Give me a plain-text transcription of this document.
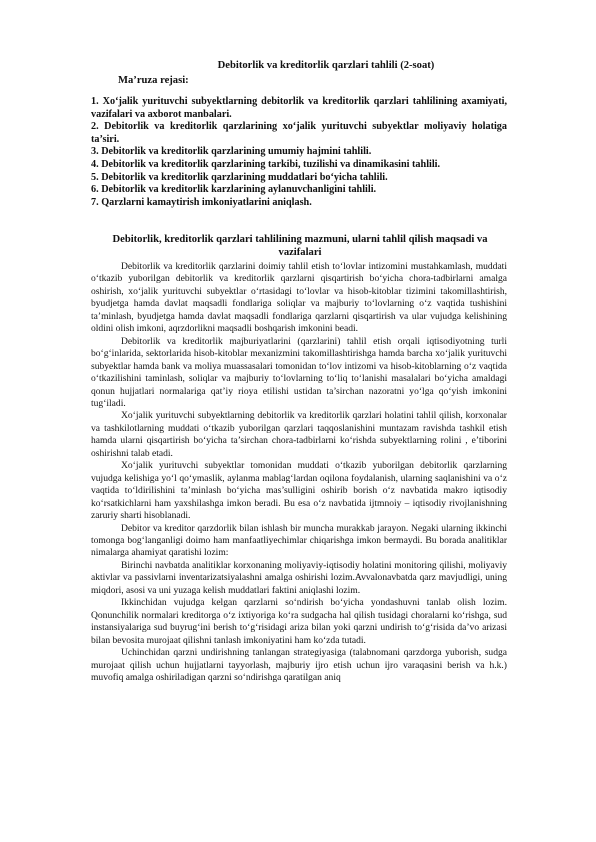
Debitorlik va kreditorlik qarzlari tahlili (2-soat)
Ma’ruza rejasi:
1. Xo‘jalik yurituvchi subyektlarning debitorlik va kreditorlik qarzlari tahlilining axamiyati, vazifalari va axborot manbalari.
2. Debitorlik va kreditorlik qarzlarining xo‘jalik yurituvchi subyektlar moliyaviy holatiga ta’siri.
3. Debitorlik va kreditorlik qarzlarining umumiy hajmini tahlili.
4. Debitorlik va kreditorlik qarzlarining tarkibi, tuzilishi va dinamikasini tahlili.
5. Debitorlik va kreditorlik qarzlarining muddatlari bo‘yicha tahlili.
6. Debitorlik va kreditorlik karzlarining aylanuvchanligini tahlili.
7. Qarzlarni kamaytirish imkoniyatlarini aniqlash.
Debitorlik, kreditorlik qarzlari tahlilining mazmuni, ularni tahlil qilish maqsadi va vazifalari

Debitorlik va kreditorlik qarzlarini doimiy tahlil etish to‘lovlar intizomini mustahkamlash, muddati o‘tkazib yuborilgan debitorlik va kreditorlik qarzlarni qisqartirish bo‘yicha chora-tadbirlarni amalga oshirish, xo‘jalik yurituvchi subyektlar o‘rtasidagi to‘lovlar va hisob-kitoblar tizimini takomillashtirish, byudjetga hamda davlat maqsadli fondlariga soliqlar va majburiy to‘lovlarning o‘z vaqtida tushishini ta’minlash, byudjetga hamda davlat maqsadli fondlariga qarzlarni qisqartirish va ular vujudga kelishining oldini olish imkoni, aqrzdorlikni maqsadli boshqarish imkonini beadi.

Debitorlik va kreditorlik majburiyatlarini (qarzlarini) tahlil etish orqali iqtisodiyotning turli bo‘g‘inlarida, sektorlarida hisob-kitoblar mexanizmini takomillashtirishga hamda barcha xo‘jalik yurituvchi subyektlar hamda bank va moliya muassasalari tomonidan to‘lov intizomi va hisob-kitoblarning o‘z vaqtida o‘tkazilishini taminlash, soliqlar va majburiy to‘lovlarning to‘liq to‘lanishi masalalari bo‘yicha amaldagi qonun hujjatlari normalariga qat’iy rioya etilishi ustidan ta’sirchan nazoratni yo‘lga qo‘yish imkonini tug‘iladi.

Xo‘jalik yurituvchi subyektlarning debitorlik va kreditorlik qarzlari holatini tahlil qilish, korxonalar va tashkilotlarning muddati o‘tkazib yuborilgan qarzlari taqqoslanishini muntazam ravishda tashkil etish hamda ularni qisqartirish bo‘yicha ta’sirchan chora-tadbirlarni ko‘rishda subyektlarning rolini , e’tiborini oshirishni talab etadi.

Xo‘jalik yurituvchi subyektlar tomonidan muddati o‘tkazib yuborilgan debitorlik qarzlarning vujudga kelishiga yo‘l qo‘ymaslik, aylanma mablag‘lardan oqilona foydalanish, ularning saqlanishini va o‘z vaqtida to‘ldirilishini ta’minlash bo‘yicha mas’sulligini oshirib borish o‘z navbatida makro iqtisodiy ko‘rsatkichlarni ham yaxshilashga imkon beradi. Bu esa o‘z navbatida ijtmnoiy – iqtisodiy rivojlanishning zaruriy sharti hisoblanadi.

Debitor va kreditor qarzdorlik bilan ishlash bir muncha murakkab jarayon. Negaki ularning ikkinchi tomonga bog‘langanligi doimo ham manfaatliyechimlar chiqarishga imkon bermaydi. Bu borada analitiklar nimalarga ahamiyat qaratishi lozim:

Birinchi navbatda analitiklar korxonaning moliyaviy-iqtisodiy holatini monitoring qilishi, moliyaviy aktivlar va passivlarni inventarizatsiyalashni amalga oshirishi lozim.Avvalonavbatda qarz mavjudligi, uning miqdori, asosi va uni yuzaga kelish muddatlari faktini aniqlashi lozim.

Ikkinchidan vujudga kelgan qarzlarni so‘ndirish bo‘yicha yondashuvni tanlab olish lozim. Qonunchilik normalari kreditorga o‘z ixtiyoriga ko‘ra sudgacha hal qilish tusidagi choralarni ko‘rishga, sud instansiyalariga sud buyrug‘ini berish to‘g‘risidagi ariza bilan yoki qarzni undirish to‘g‘risida da’vo arizasi bilan bevosita murojaat qilishni tanlash imkoniyatini ham ko‘zda tutadi.

Uchinchidan qarzni undirishning tanlangan strategiyasiga (talabnomani qarzdorga yuborish, sudga murojaat qilish uchun hujjatlarni tayyorlash, majburiy ijro etish uchun ijro varaqasini berish va h.k.) muvofiq amalga oshiriladigan qarzni so‘ndirishga qaratilgan aniq
